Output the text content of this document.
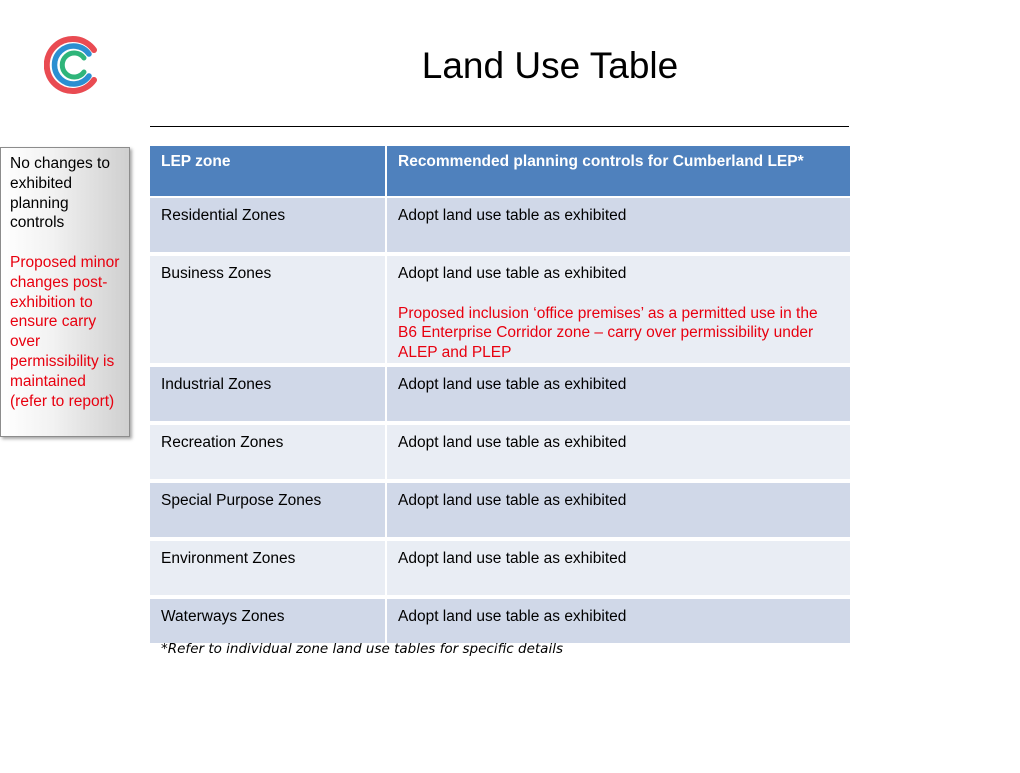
Land Use Table

No changes to exhibited planning controls

Proposed minor changes post-exhibition to ensure carry over permissibility is maintained (refer to report)

LEP zone	Recommended planning controls for Cumberland LEP*
Residential Zones	Adopt land use table as exhibited
Business Zones	Adopt land use table as exhibited
Proposed inclusion ‘office premises’ as a permitted use in the B6 Enterprise Corridor zone – carry over permissibility under ALEP and PLEP
Industrial Zones	Adopt land use table as exhibited
Recreation Zones	Adopt land use table as exhibited
Special Purpose Zones	Adopt land use table as exhibited
Environment Zones	Adopt land use table as exhibited
Waterways Zones	Adopt land use table as exhibited
*Refer to individual zone land use tables for specific details
